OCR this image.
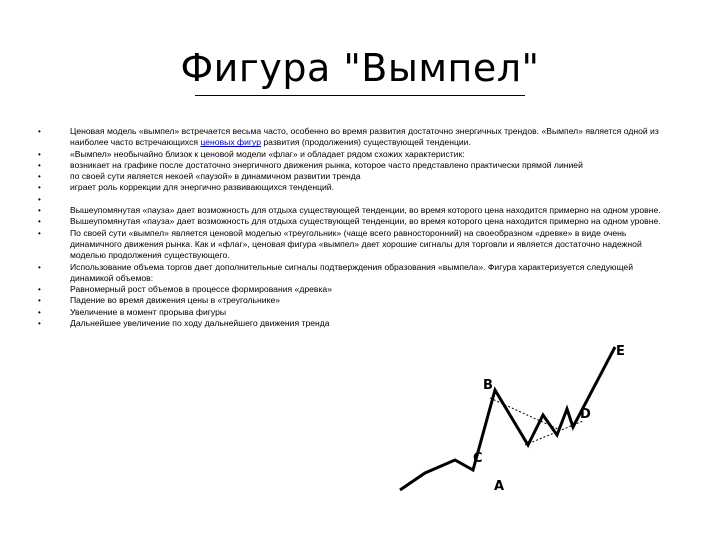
Фигура "Вымпел"
• Ценовая модель «вымпел» встречается весьма часто, особенно во время развития достаточно энергичных трендов. «Вымпел» является одной из наиболее часто встречающихся ценовых фигур развития (продолжения) существующей тенденции.
• «Вымпел» необычайно близок к ценовой модели «флаг» и обладает рядом схожих характеристик:
• возникает на графике после достаточно энергичного движения рынка, которое часто представлено практически прямой линией
• по своей сути является некоей «паузой» в динамичном развитии тренда
• играет роль коррекции для энергично развивающихся тенденций.
•
• Вышеупомянутая «пауза» дает возможность для отдыха существующей тенденции, во время которого цена находится примерно на одном уровне.
• Вышеупомянутая «пауза» дает возможность для отдыха существующей тенденции, во время которого цена находится примерно на одном уровне.
• По своей сути «вымпел» является ценовой моделью «треугольник» (чаще всего равносторонний) на своеобразном «древке» в виде очень динамичного движения рынка. Как и «флаг», ценовая фигура «вымпел» дает хорошие сигналы для торговли и является достаточно надежной моделью продолжения существующего.
• Использование объема торгов дает дополнительные сигналы подтверждения образования «вымпела». Фигура характеризуется следующей динамикой объемов:
• Равномерный рост объемов в процессе формирования «древка»
• Падение во время движения цены в «треугольнике»
• Увеличение в момент прорыва фигуры
• Дальнейшее увеличение по ходу дальнейшего движения тренда
B
C
A
D
E
